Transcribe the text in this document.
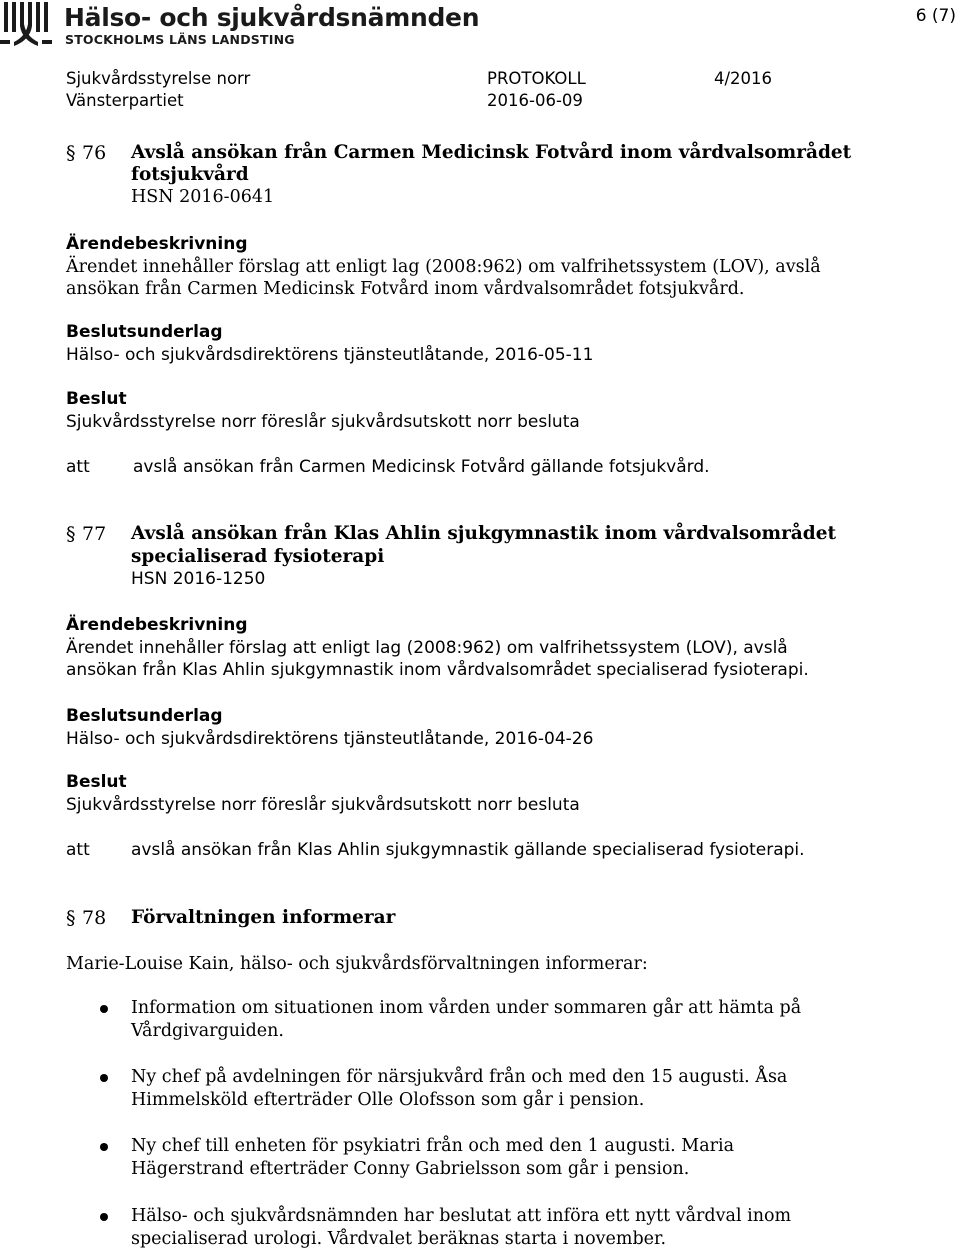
Hälso- och sjukvårdsnämnden
STOCKHOLMS LÄNS LANDSTING
6 (7)
Sjukvårdsstyrelse norr
Vänsterpartiet
PROTOKOLL
2016-06-09
4/2016
§ 76 Avslå ansökan från Carmen Medicinsk Fotvård inom vårdvalsområdet
fotsjukvård
HSN 2016-0641
Ärendebeskrivning
Ärendet innehåller förslag att enligt lag (2008:962) om valfrihetssystem (LOV), avslå
ansökan från Carmen Medicinsk Fotvård inom vårdvalsområdet fotsjukvård.
Beslutsunderlag
Hälso- och sjukvårdsdirektörens tjänsteutlåtande, 2016-05-11
Beslut
Sjukvårdsstyrelse norr föreslår sjukvårdsutskott norr besluta
att	avslå ansökan från Carmen Medicinsk Fotvård gällande fotsjukvård.
§ 77 Avslå ansökan från Klas Ahlin sjukgymnastik inom vårdvalsområdet
specialiserad fysioterapi
HSN 2016-1250
Ärendebeskrivning
Ärendet innehåller förslag att enligt lag (2008:962) om valfrihetssystem (LOV), avslå
ansökan från Klas Ahlin sjukgymnastik inom vårdvalsområdet specialiserad fysioterapi.
Beslutsunderlag
Hälso- och sjukvårdsdirektörens tjänsteutlåtande, 2016-04-26
Beslut
Sjukvårdsstyrelse norr föreslår sjukvårdsutskott norr besluta
att avslå ansökan från Klas Ahlin sjukgymnastik gällande specialiserad fysioterapi.
§ 78 Förvaltningen informerar
Marie-Louise Kain, hälso- och sjukvårdsförvaltningen informerar:
Information om situationen inom vården under sommaren går att hämta på Vårdgivarguiden.
Ny chef på avdelningen för närsjukvård från och med den 15 augusti. Åsa Himmelsköld efterträder Olle Olofsson som går i pension.
Ny chef till enheten för psykiatri från och med den 1 augusti. Maria Hägerstrand efterträder Conny Gabrielsson som går i pension.
Hälso- och sjukvårdsnämnden har beslutat att införa ett nytt vårdval inom specialiserad urologi. Vårdvalet beräknas starta i november.
